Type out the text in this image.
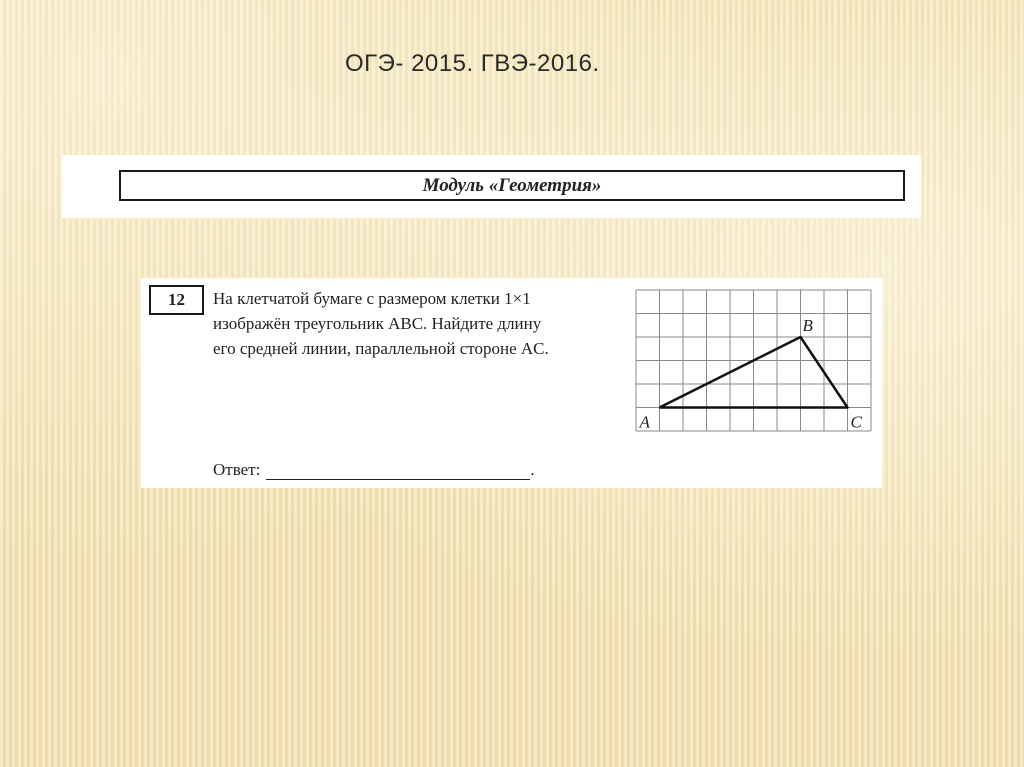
ОГЭ- 2015. ГВЭ-2016.
Модуль «Геометрия»
12	На клетчатой бумаге с размером клетки 1×1

изображён треугольник ABC. Найдите длину

его средней линии, параллельной стороне AC.

Ответ:	.
A
B
C
